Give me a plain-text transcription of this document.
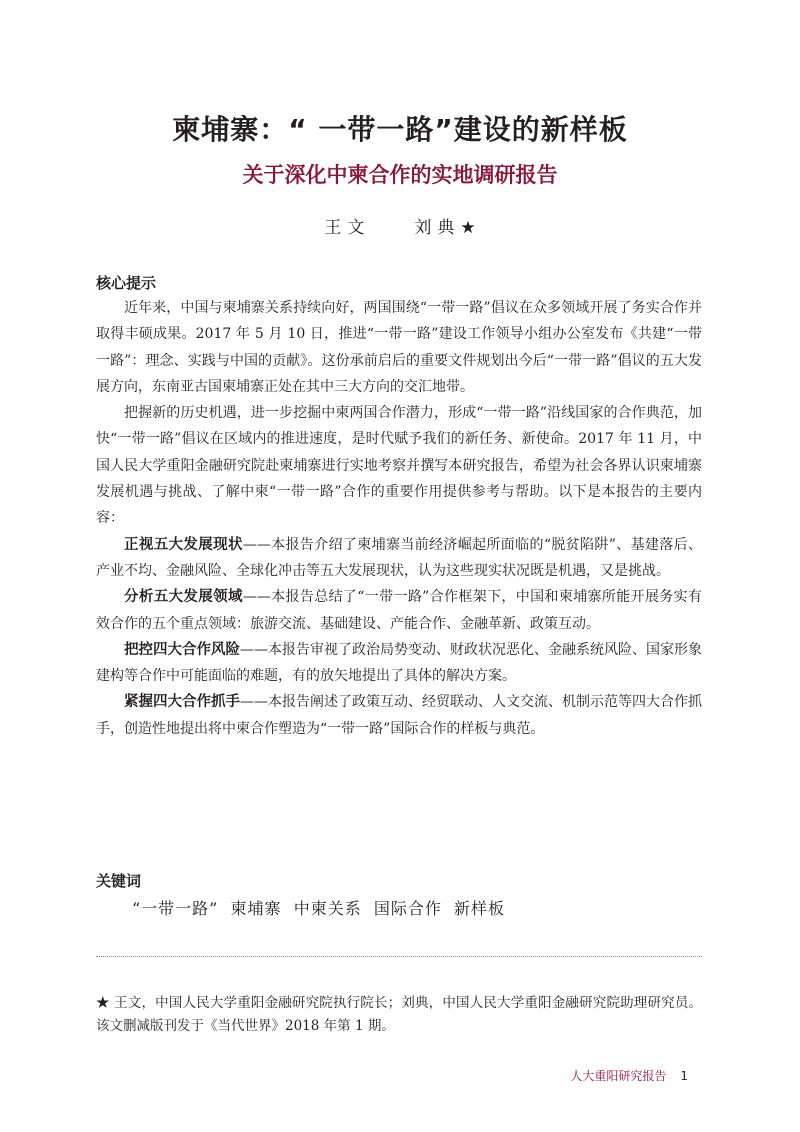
柬埔寨：“ 一带一路”建设的新样板
关于深化中柬合作的实地调研报告
王文	刘典★
核心提示

近年来，中国与柬埔寨关系持续向好，两国围绕“一带一路”倡议在众多领域开展了务实合作并取得丰硕成果。2017 年 5 月 10 日，推进“一带一路”建设工作领导小组办公室发布《共建“一带一路”：理念、实践与中国的贡献》。这份承前启后的重要文件规划出今后“一带一路”倡议的五大发展方向，东南亚古国柬埔寨正处在其中三大方向的交汇地带。

把握新的历史机遇，进一步挖掘中柬两国合作潜力，形成“一带一路”沿线国家的合作典范，加快“一带一路”倡议在区域内的推进速度，是时代赋予我们的新任务、新使命。2017 年 11 月，中国人民大学重阳金融研究院赴柬埔寨进行实地考察并撰写本研究报告，希望为社会各界认识柬埔寨发展机遇与挑战、了解中柬“一带一路”合作的重要作用提供参考与帮助。以下是本报告的主要内容：

正视五大发展现状——本报告介绍了柬埔寨当前经济崛起所面临的“脱贫陷阱”、基建落后、产业不均、金融风险、全球化冲击等五大发展现状，认为这些现实状况既是机遇，又是挑战。

分析五大发展领域——本报告总结了“一带一路”合作框架下，中国和柬埔寨所能开展务实有效合作的五个重点领域：旅游交流、基础建设、产能合作、金融革新、政策互动。

把控四大合作风险——本报告审视了政治局势变动、财政状况恶化、金融系统风险、国家形象建构等合作中可能面临的难题，有的放矢地提出了具体的解决方案。

紧握四大合作抓手——本报告阐述了政策互动、经贸联动、人文交流、机制示范等四大合作抓手，创造性地提出将中柬合作塑造为“一带一路”国际合作的样板与典范。

关键词
“一带一路”  柬埔寨  中柬关系  国际合作  新样板

★ 王文，中国人民大学重阳金融研究院执行院长；刘典，中国人民大学重阳金融研究院助理研究员。该文删减版刊发于《当代世界》2018 年第 1 期。

人大重阳研究报告 1
